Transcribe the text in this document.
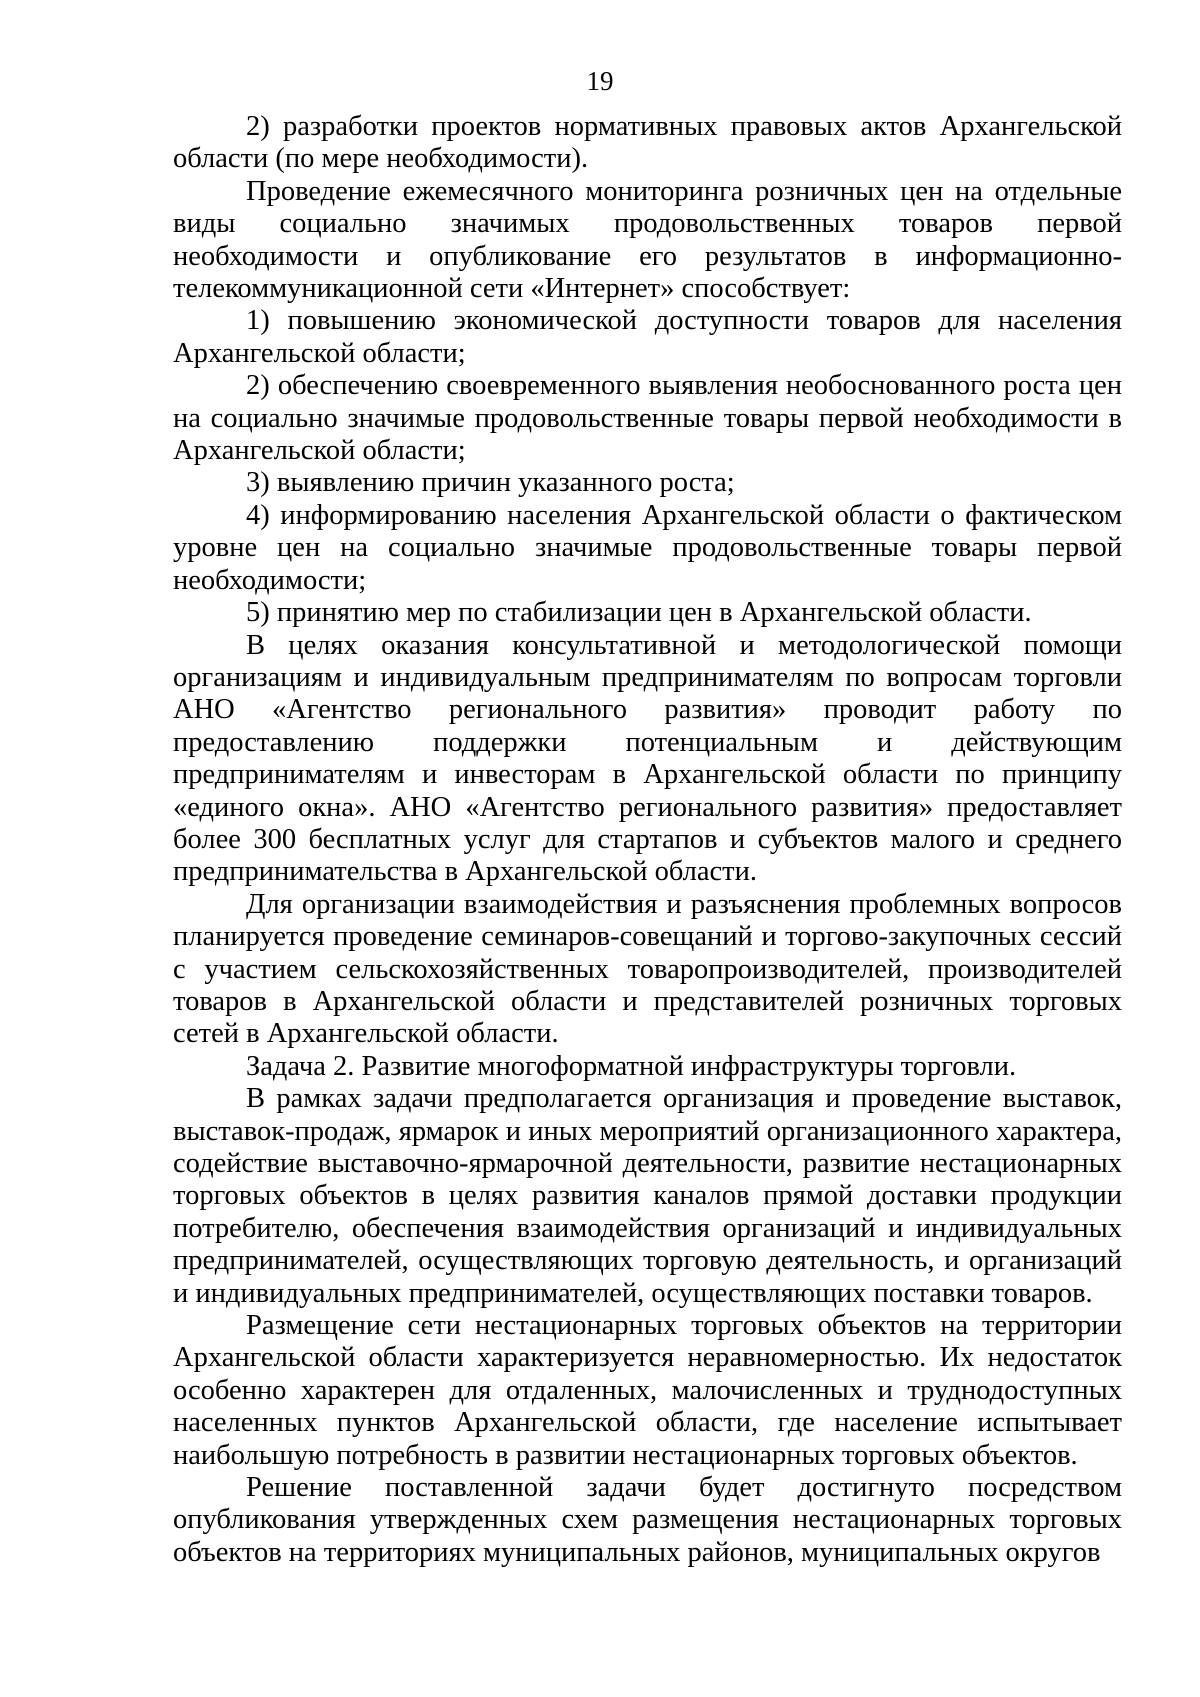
19

2) разработки проектов нормативных правовых актов Архангельской области (по мере необходимости).

Проведение ежемесячного мониторинга розничных цен на отдельные виды социально значимых продовольственных товаров первой необходимости и опубликование его результатов в информационно-телекоммуникационной сети «Интернет» способствует:

1) повышению экономической доступности товаров для населения Архангельской области;

2) обеспечению своевременного выявления необоснованного роста цен на социально значимые продовольственные товары первой необходимости в Архангельской области;

3) выявлению причин указанного роста;

4) информированию населения Архангельской области о фактическом уровне цен на социально значимые продовольственные товары первой необходимости;

5) принятию мер по стабилизации цен в Архангельской области.

В целях оказания консультативной и методологической помощи организациям и индивидуальным предпринимателям по вопросам торговли АНО «Агентство регионального развития» проводит работу по предоставлению поддержки потенциальным и действующим предпринимателям и инвесторам в Архангельской области по принципу «единого окна». АНО «Агентство регионального развития» предоставляет более 300 бесплатных услуг для стартапов и субъектов малого и среднего предпринимательства в Архангельской области.

Для организации взаимодействия и разъяснения проблемных вопросов планируется проведение семинаров-совещаний и торгово-закупочных сессий с участием сельскохозяйственных товаропроизводителей, производителей товаров в Архангельской области и представителей розничных торговых сетей в Архангельской области.

Задача 2. Развитие многоформатной инфраструктуры торговли.

В рамках задачи предполагается организация и проведение выставок, выставок-продаж, ярмарок и иных мероприятий организационного характера, содействие выставочно-ярмарочной деятельности, развитие нестационарных торговых объектов в целях развития каналов прямой доставки продукции потребителю, обеспечения взаимодействия организаций и индивидуальных предпринимателей, осуществляющих торговую деятельность, и организаций и индивидуальных предпринимателей, осуществляющих поставки товаров.

Размещение сети нестационарных торговых объектов на территории Архангельской области характеризуется неравномерностью. Их недостаток особенно характерен для отдаленных, малочисленных и труднодоступных населенных пунктов Архангельской области, где население испытывает наибольшую потребность в развитии нестационарных торговых объектов.

Решение поставленной задачи будет достигнуто посредством опубликования утвержденных схем размещения нестационарных торговых объектов на территориях муниципальных районов, муниципальных округов
